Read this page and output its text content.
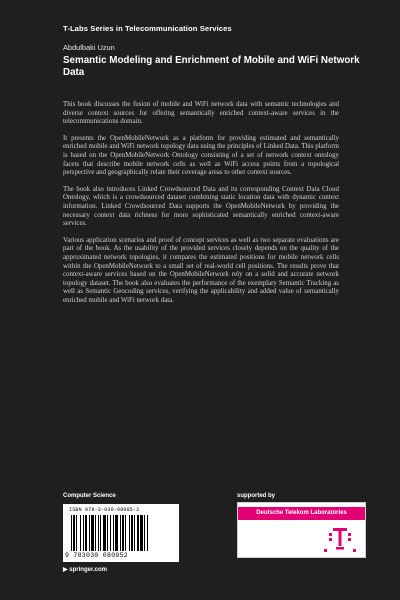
T-Labs Series in Telecommunication Services
Abdulbaki Uzun
Semantic Modeling and Enrichment of Mobile and WiFi Network Data

This book discusses the fusion of mobile and WiFi network data with semantic technologies and diverse context sources for offering semantically enriched context-aware services in the telecommunications domain.

It presents the OpenMobileNetwork as a platform for providing estimated and semantically enriched mobile and WiFi network topology data using the principles of Linked Data. This platform is based on the OpenMobileNetwork Ontology consisting of a set of network context ontology facets that describe mobile network cells as well as WiFi access points from a topological perspective and geographically relate their coverage areas to other context sources.

The book also introduces Linked Crowdsourced Data and its corresponding Context Data Cloud Ontology, which is a crowdsourced dataset combining static location data with dynamic context information. Linked Crowdsourced Data supports the OpenMobileNetwork by providing the necessary context data richness for more sophisticated semantically enriched context-aware services.

Various application scenarios and proof of concept services as well as two separate evaluations are part of the book. As the usability of the provided services closely depends on the quality of the approximated network topologies, it compares the estimated positions for mobile network cells within the OpenMobileNetwork to a small set of real-world cell positions. The results prove that context-aware services based on the OpenMobileNetwork rely on a solid and accurate network topology dataset. The book also evaluates the performance of the exemplary Semantic Tracking as well as Semantic Geocoding services, verifying the applicability and added value of semantically enriched mobile and WiFi network data.

Computer Science
ISBN 978-3-030-08095-2
9 783030 080952
▶ springer.com
supported by
Deutsche Telekom Laboratories
